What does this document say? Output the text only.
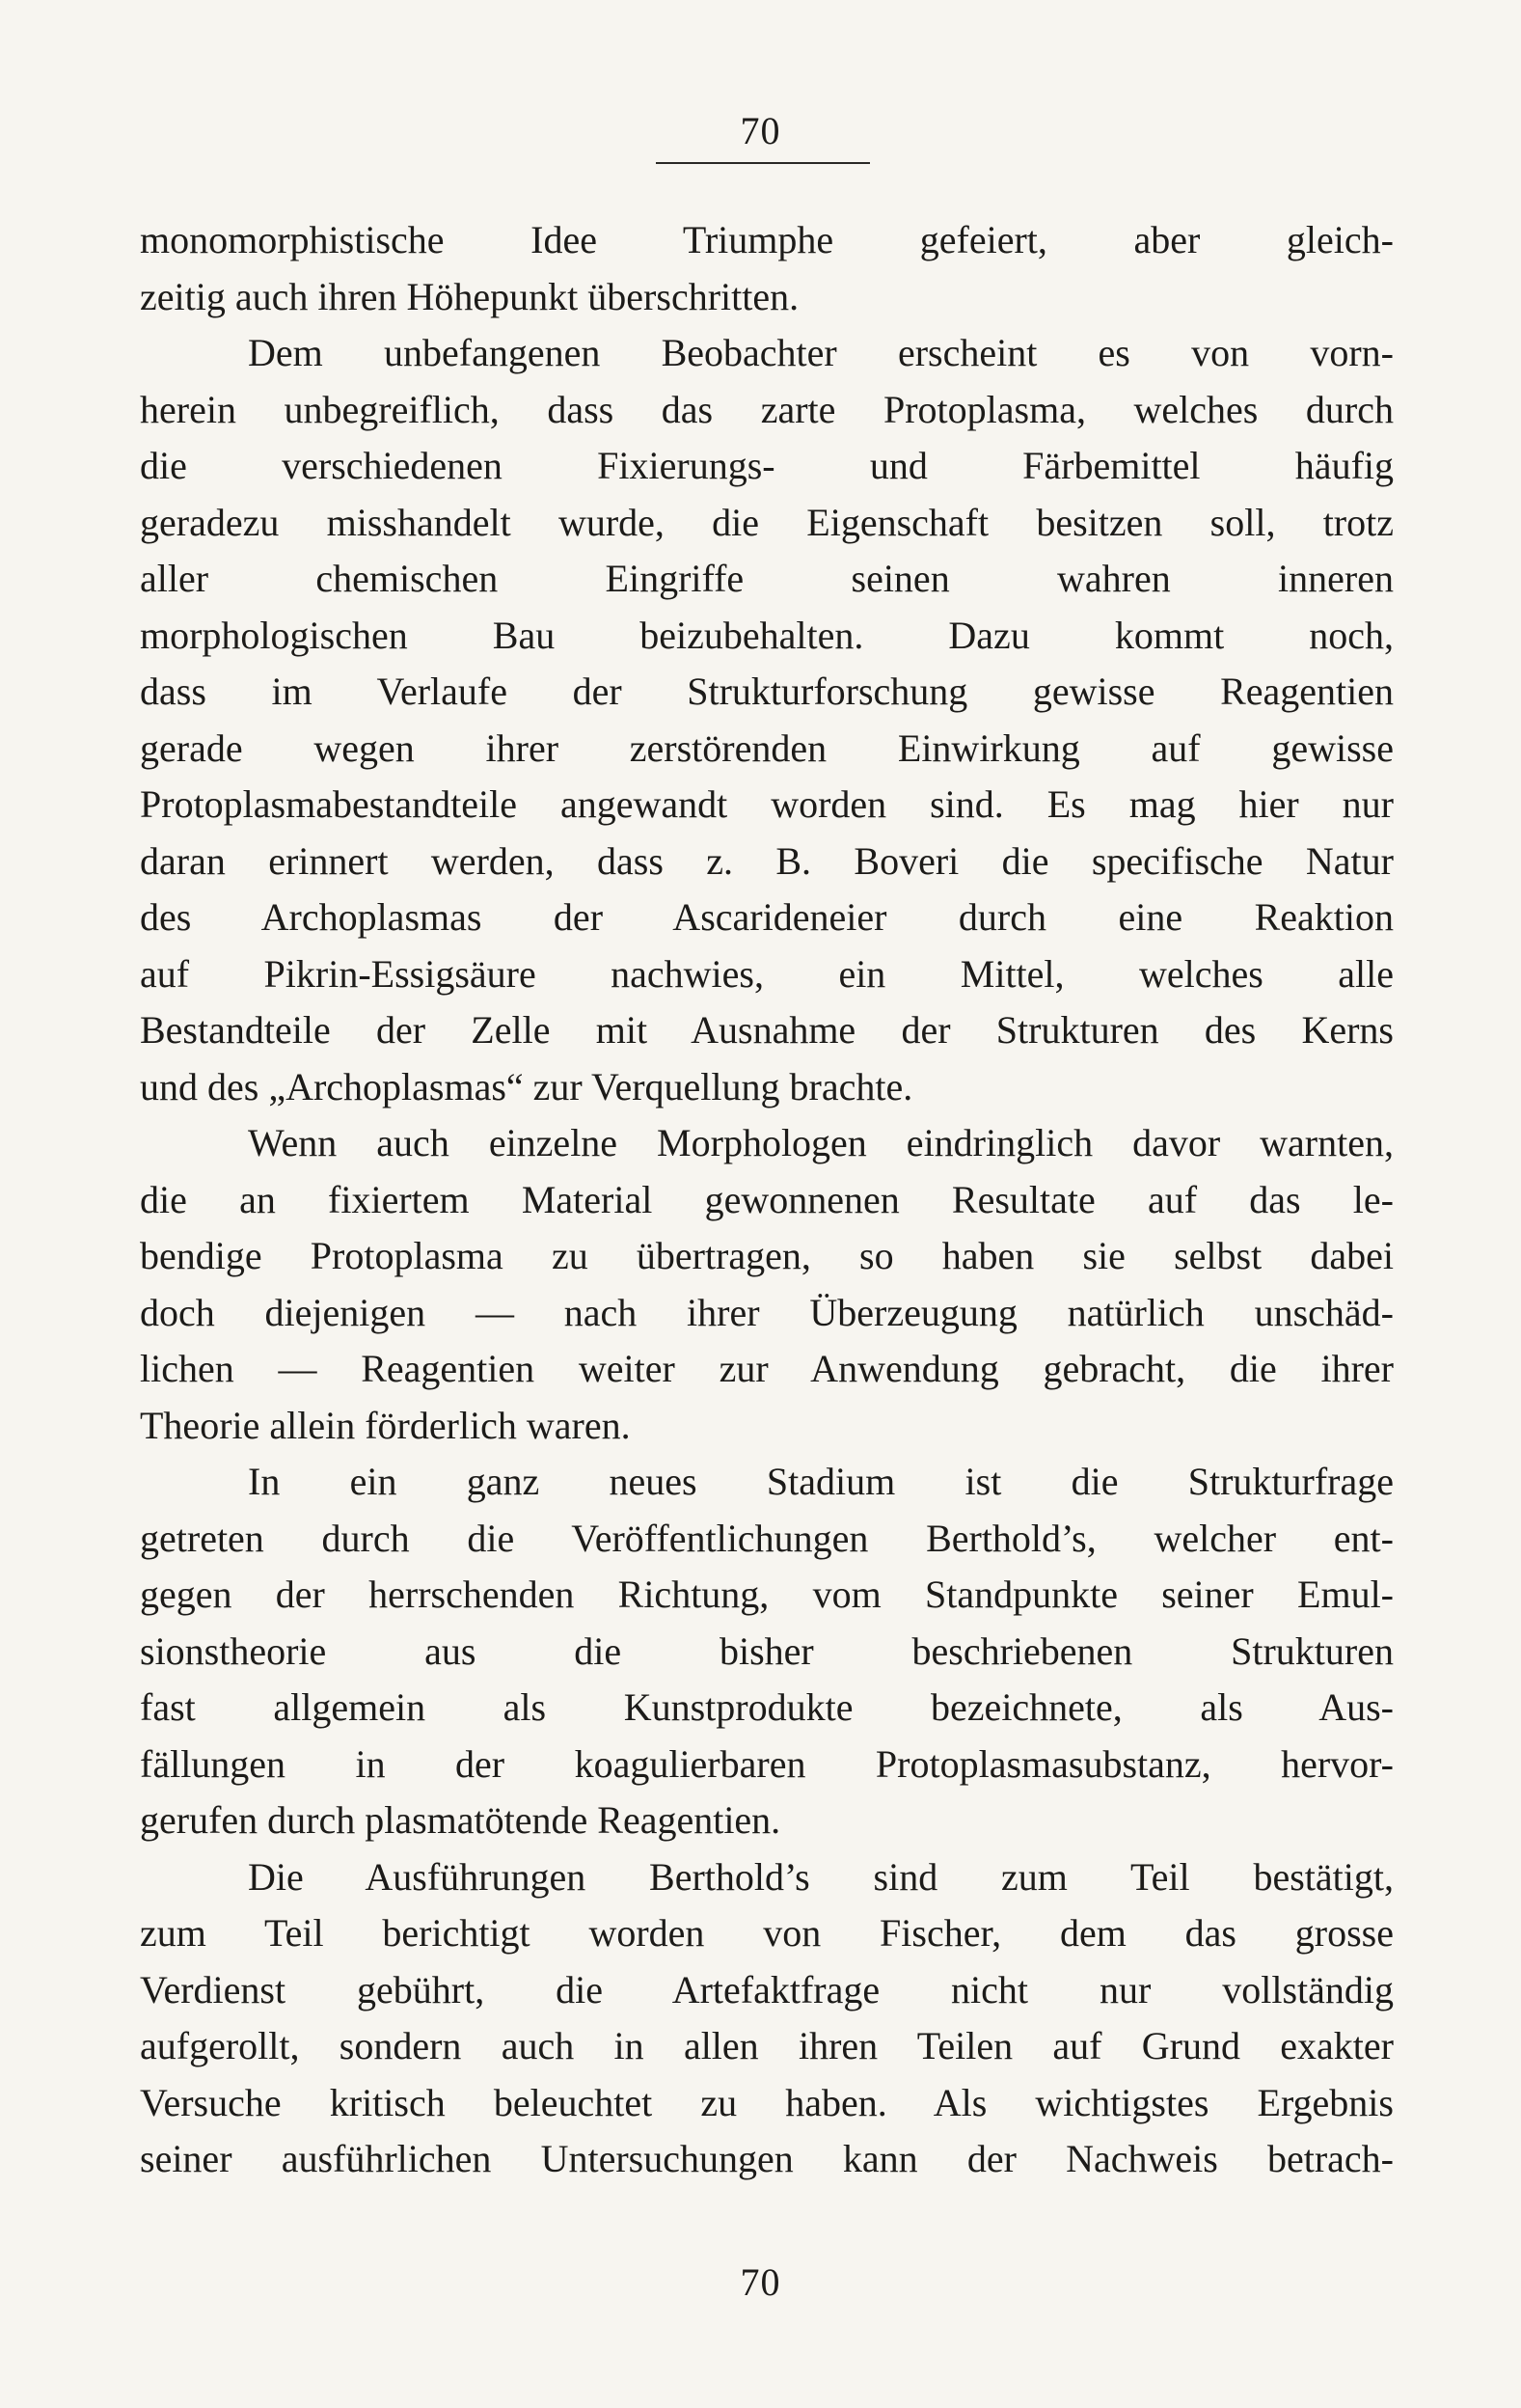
70
monomorphistische Idee Triumphe gefeiert, aber gleich-
zeitig auch ihren Höhepunkt überschritten.
Dem unbefangenen Beobachter erscheint es von vorn-
herein unbegreiflich, dass das zarte Protoplasma, welches durch
die verschiedenen Fixierungs- und Färbemittel häufig
geradezu misshandelt wurde, die Eigenschaft besitzen soll, trotz
aller chemischen Eingriffe seinen wahren inneren
morphologischen Bau beizubehalten. Dazu kommt noch,
dass im Verlaufe der Strukturforschung gewisse Reagentien
gerade wegen ihrer zerstörenden Einwirkung auf gewisse
Protoplasmabestandteile angewandt worden sind. Es mag hier nur
daran erinnert werden, dass z. B. Boveri die specifische Natur
des Archoplasmas der Ascarideneier durch eine Reaktion
auf Pikrin-Essigsäure nachwies, ein Mittel, welches alle
Bestandteile der Zelle mit Ausnahme der Strukturen des Kerns
und des „Archoplasmas“ zur Verquellung brachte.
Wenn auch einzelne Morphologen eindringlich davor warnten,
die an fixiertem Material gewonnenen Resultate auf das le-
bendige Protoplasma zu übertragen, so haben sie selbst dabei
doch diejenigen — nach ihrer Überzeugung natürlich unschäd-
lichen — Reagentien weiter zur Anwendung gebracht, die ihrer
Theorie allein förderlich waren.
In ein ganz neues Stadium ist die Strukturfrage
getreten durch die Veröffentlichungen Berthold’s, welcher ent-
gegen der herrschenden Richtung, vom Standpunkte seiner Emul-
sionstheorie aus die bisher beschriebenen Strukturen
fast allgemein als Kunstprodukte bezeichnete, als Aus-
fällungen in der koagulierbaren Protoplasmasubstanz, hervor-
gerufen durch plasmatötende Reagentien.
Die Ausführungen Berthold’s sind zum Teil bestätigt,
zum Teil berichtigt worden von Fischer, dem das grosse
Verdienst gebührt, die Artefaktfrage nicht nur vollständig
aufgerollt, sondern auch in allen ihren Teilen auf Grund exakter
Versuche kritisch beleuchtet zu haben. Als wichtigstes Ergebnis
seiner ausführlichen Untersuchungen kann der Nachweis betrach-
70
